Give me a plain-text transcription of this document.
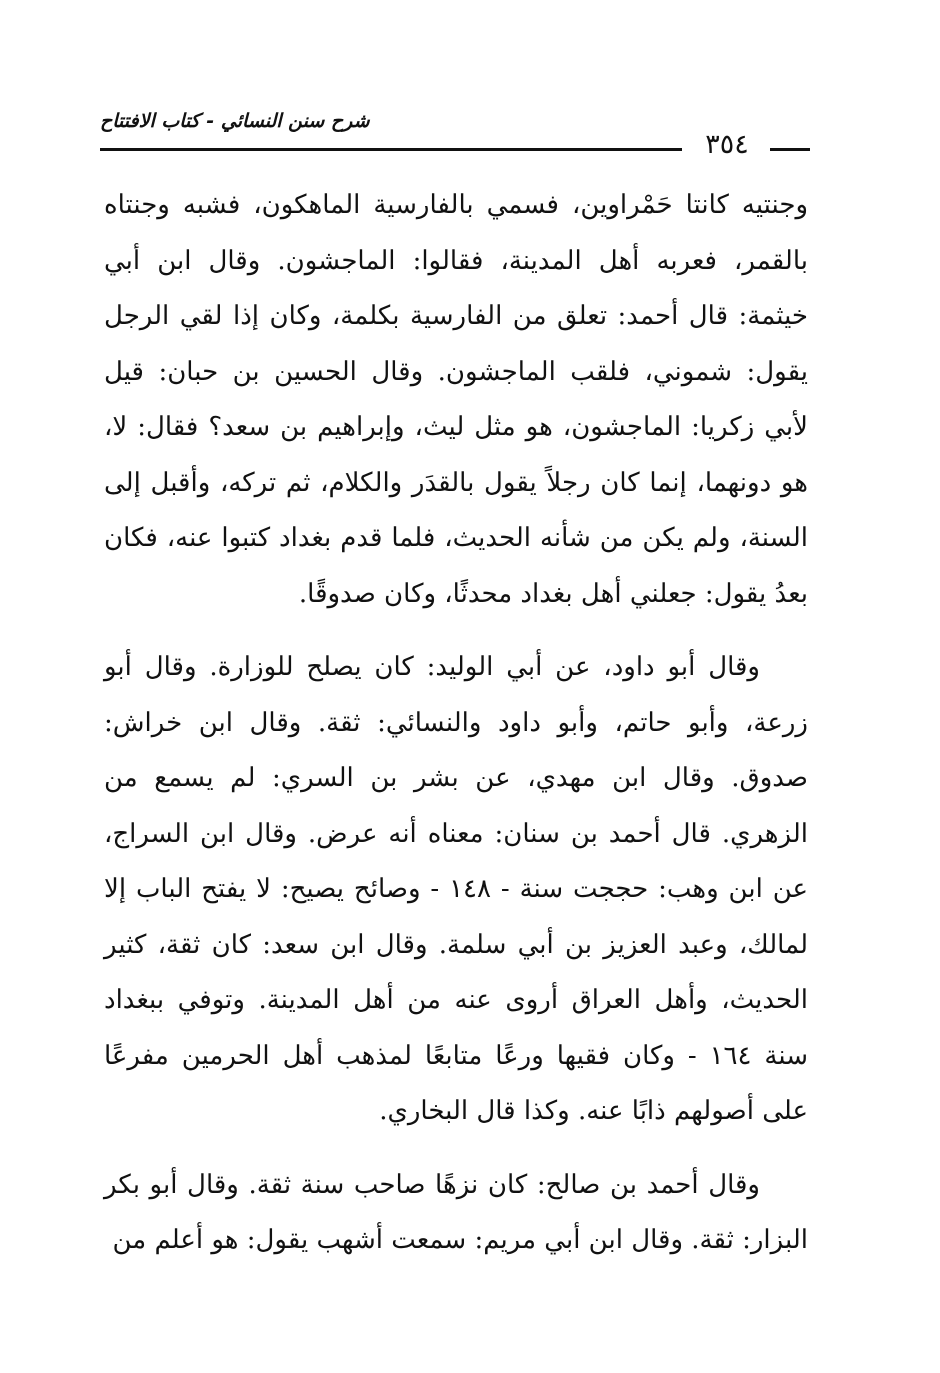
شرح سنن النسائي - كتاب الافتتاح
٣٥٤

وجنتيه كانتا حَمْراوين، فسمي بالفارسية الماهكون، فشبه وجنتاه بالقمر، فعربه أهل المدينة، فقالوا: الماجشون. وقال ابن أبي خيثمة: قال أحمد: تعلق من الفارسية بكلمة، وكان إذا لقي الرجل يقول: شموني، فلقب الماجشون. وقال الحسين بن حبان: قيل لأبي زكريا: الماجشون، هو مثل ليث، وإبراهيم بن سعد؟ فقال: لا، هو دونهما، إنما كان رجلاً يقول بالقدَر والكلام، ثم تركه، وأقبل إلى السنة، ولم يكن من شأنه الحديث، فلما قدم بغداد كتبوا عنه، فكان بعدُ يقول: جعلني أهل بغداد محدثًا، وكان صدوقًا.

وقال أبو داود، عن أبي الوليد: كان يصلح للوزارة. وقال أبو زرعة، وأبو حاتم، وأبو داود والنسائي: ثقة. وقال ابن خراش: صدوق. وقال ابن مهدي، عن بشر بن السري: لم يسمع من الزهري. قال أحمد بن سنان: معناه أنه عرض. وقال ابن السراج، عن ابن وهب: حججت سنة - ١٤٨ - وصائح يصيح: لا يفتح الباب إلا لمالك، وعبد العزيز بن أبي سلمة. وقال ابن سعد: كان ثقة، كثير الحديث، وأهل العراق أروى عنه من أهل المدينة. وتوفي ببغداد سنة ١٦٤ - وكان فقيها ورعًا متابعًا لمذهب أهل الحرمين مفرعًا على أصولهم ذابًا عنه. وكذا قال البخاري.

وقال أحمد بن صالح: كان نزهًا صاحب سنة ثقة. وقال أبو بكر البزار: ثقة. وقال ابن أبي مريم: سمعت أشهب يقول: هو أعلم من
